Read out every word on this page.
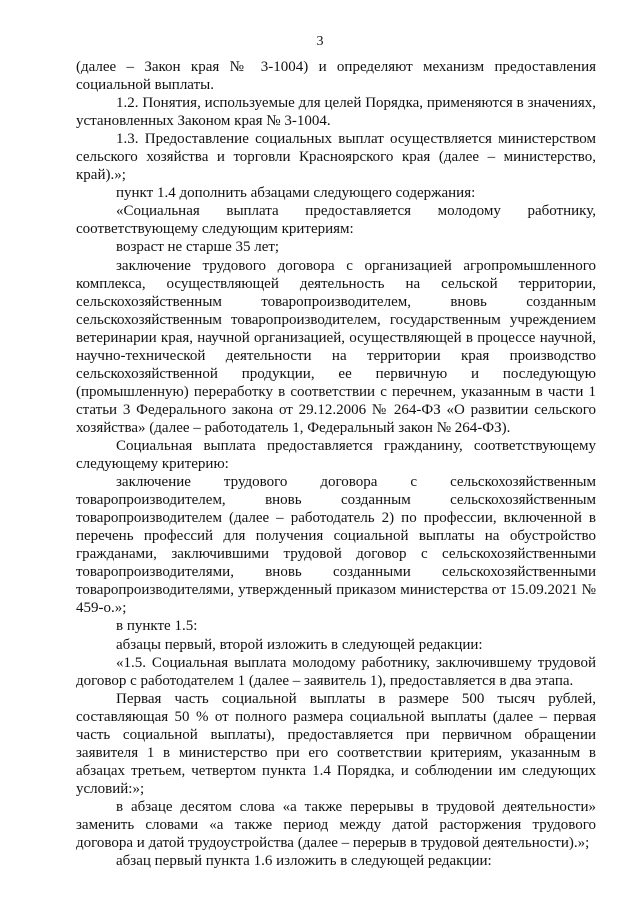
3

(далее – Закон края № 3-1004) и определяют механизм предоставления социальной выплаты.

1.2. Понятия, используемые для целей Порядка, применяются в значениях, установленных Законом края № 3-1004.

1.3. Предоставление социальных выплат осуществляется министерством сельского хозяйства и торговли Красноярского края (далее – министерство, край).»;

пункт 1.4 дополнить абзацами следующего содержания:

«Социальная выплата предоставляется молодому работнику, соответствующему следующим критериям:

возраст не старше 35 лет;

заключение трудового договора с организацией агропромышленного комплекса, осуществляющей деятельность на сельской территории, сельскохозяйственным товаропроизводителем, вновь созданным сельскохозяйственным товаропроизводителем, государственным учреждением ветеринарии края, научной организацией, осуществляющей в процессе научной, научно-технической деятельности на территории края производство сельскохозяйственной продукции, ее первичную и последующую (промышленную) переработку в соответствии с перечнем, указанным в части 1 статьи 3 Федерального закона от 29.12.2006 № 264-ФЗ «О развитии сельского хозяйства» (далее – работодатель 1, Федеральный закон № 264-ФЗ).

Социальная выплата предоставляется гражданину, соответствующему следующему критерию:

заключение трудового договора с сельскохозяйственным товаропроизводителем, вновь созданным сельскохозяйственным товаропроизводителем (далее – работодатель 2) по профессии, включенной в перечень профессий для получения социальной выплаты на обустройство гражданами, заключившими трудовой договор с сельскохозяйственными товаропроизводителями, вновь созданными сельскохозяйственными товаропроизводителями, утвержденный приказом министерства от 15.09.2021 № 459-о.»;

в пункте 1.5:

абзацы первый, второй изложить в следующей редакции:

«1.5. Социальная выплата молодому работнику, заключившему трудовой договор с работодателем 1 (далее – заявитель 1), предоставляется в два этапа.

Первая часть социальной выплаты в размере 500 тысяч рублей, составляющая 50 % от полного размера социальной выплаты (далее – первая часть социальной выплаты), предоставляется при первичном обращении заявителя 1 в министерство при его соответствии критериям, указанным в абзацах третьем, четвертом пункта 1.4 Порядка, и соблюдении им следующих условий:»;

в абзаце десятом слова «а также перерывы в трудовой деятельности» заменить словами «а также период между датой расторжения трудового договора и датой трудоустройства (далее – перерыв в трудовой деятельности).»;

абзац первый пункта 1.6 изложить в следующей редакции:
